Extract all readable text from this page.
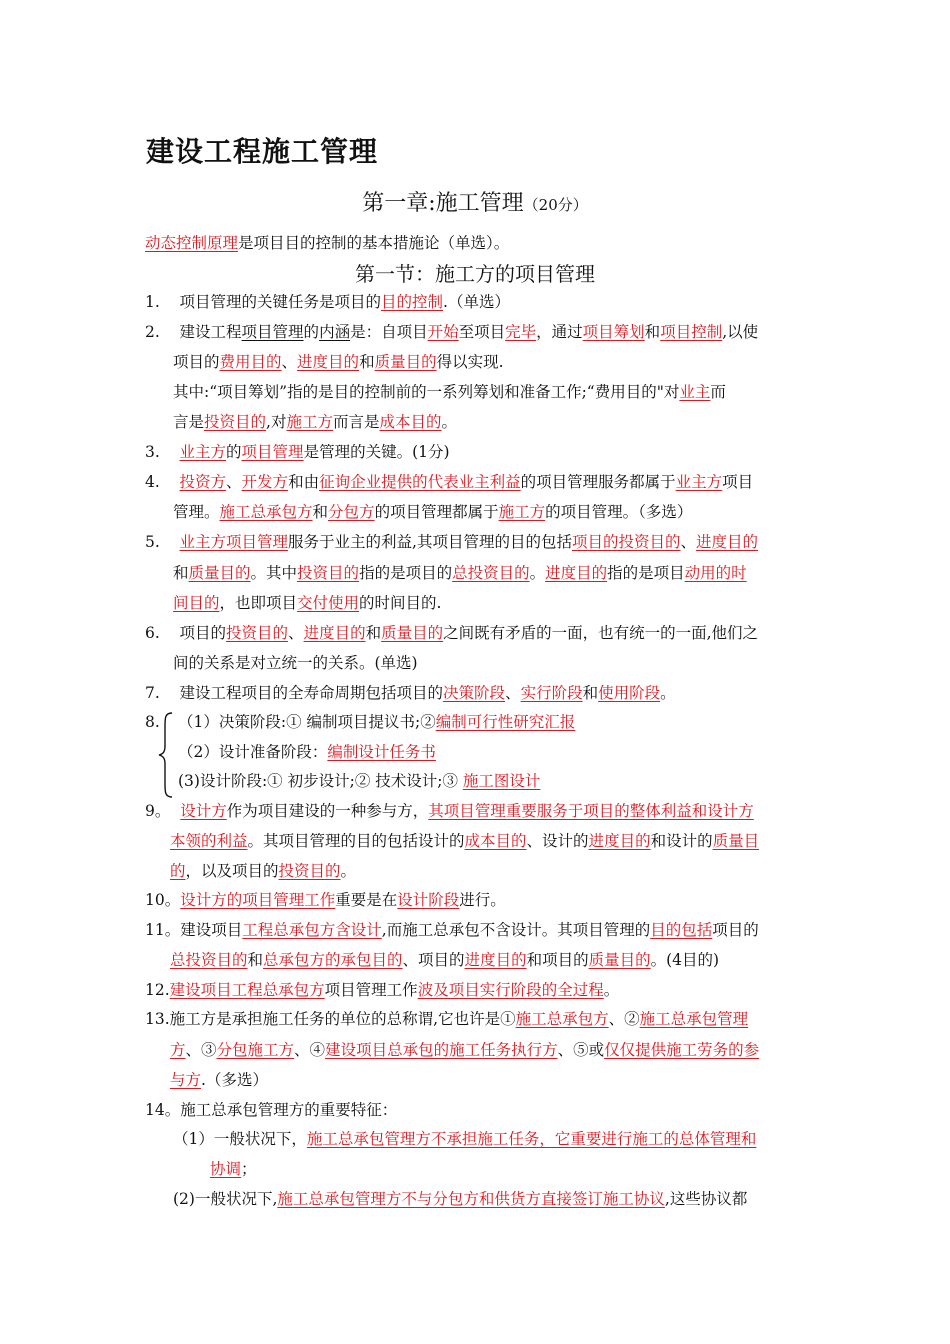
建设工程施工管理
第一章:施工管理（20分）
动态控制原理是项目目的控制的基本措施论（单选）。
第一节：施工方的项目管理
1. 项目管理的关键任务是项目的目的控制.（单选）
2. 建设工程项目管理的内涵是：自项目开始至项目完毕，通过项目筹划和项目控制,以使
项目的费用目的、进度目的和质量目的得以实现.
其中:“项目筹划”指的是目的控制前的一系列筹划和准备工作;“费用目的"对业主而
言是投资目的,对施工方而言是成本目的。
3. 业主方的项目管理是管理的关键。(1分)
4. 投资方、开发方和由征询企业提供的代表业主利益的项目管理服务都属于业主方项目
管理。施工总承包方和分包方的项目管理都属于施工方的项目管理。（多选）
5. 业主方项目管理服务于业主的利益,其项目管理的目的包括项目的投资目的、进度目的
和质量目的。其中投资目的指的是项目的总投资目的。进度目的指的是项目动用的时
间目的，也即项目交付使用的时间目的.
6. 项目的投资目的、进度目的和质量目的之间既有矛盾的一面，也有统一的一面,他们之
间的关系是对立统一的关系。(单选)
7. 建设工程项目的全寿命周期包括项目的决策阶段、实行阶段和使用阶段。
8. （1）决策阶段:① 编制项目提议书;②编制可行性研究汇报
（2）设计准备阶段：编制设计任务书
(3)设计阶段:① 初步设计;② 技术设计;③ 施工图设计
9。 设计方作为项目建设的一种参与方，其项目管理重要服务于项目的整体利益和设计方
本领的利益。其项目管理的目的包括设计的成本目的、设计的进度目的和设计的质量目
的，以及项目的投资目的。
10。设计方的项目管理工作重要是在设计阶段进行。
11。建设项目工程总承包方含设计,而施工总承包不含设计。其项目管理的目的包括项目的
总投资目的和总承包方的承包目的、项目的进度目的和项目的质量目的。(4目的)
12.建设项目工程总承包方项目管理工作波及项目实行阶段的全过程。
13.施工方是承担施工任务的单位的总称谓,它也许是①施工总承包方、②施工总承包管理
方、③分包施工方、④建设项目总承包的施工任务执行方、⑤或仅仅提供施工劳务的参
与方.（多选）
14。施工总承包管理方的重要特征：
（1）一般状况下，施工总承包管理方不承担施工任务，它重要进行施工的总体管理和
协调；
(2)一般状况下,施工总承包管理方不与分包方和供货方直接签订施工协议,这些协议都
